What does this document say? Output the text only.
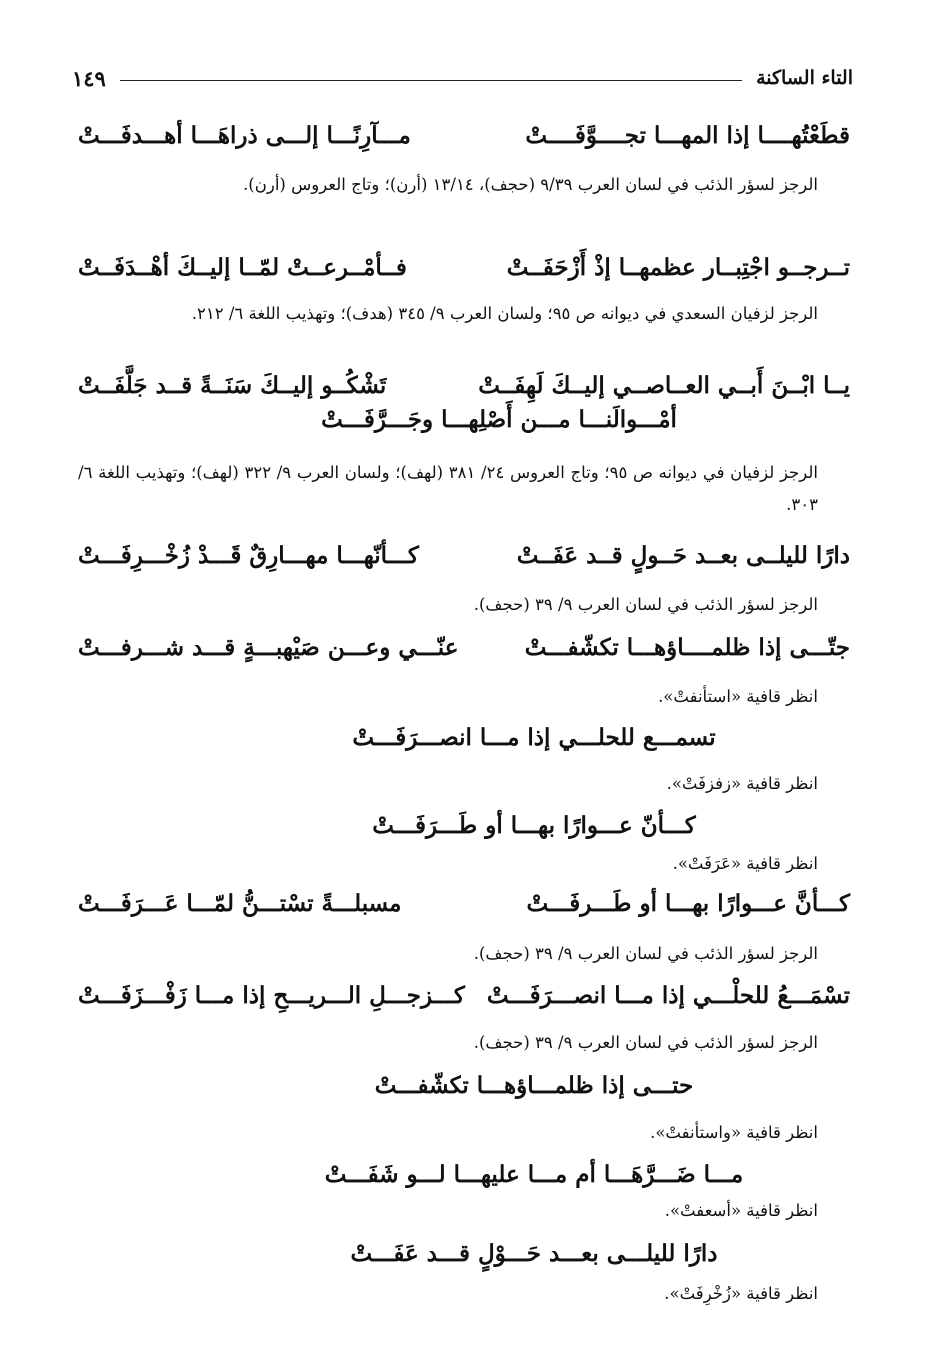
التاء الساكنة
١٤٩
قطَعْتُهــــا إذا المهـــا تجــــوَّفَــــتْ
مـــآرِنًـــا إلـــى ذراهَـــا أهـــدفَـــتْ
الرجز لسؤر الذئب في لسان العرب ٩/٣٩ (حجف)، ١٣/١٤ (أرن)؛ وتاج العروس (أرن).
تــرجــو اجْتِبــار عظمهــا إذْ أَزْحَفَــتْ
فــأمْــرعــتْ لمّــا إليــكَ أهْــدَفَــتْ
الرجز لزفيان السعدي في ديوانه ص ٩٥؛ ولسان العرب ٩/ ٣٤٥ (هدف)؛ وتهذيب اللغة ٦/ ٢١٢.
يــا ابْــنَ أَبــي العــاصــي إليــكَ لَهِفَــتْ
تَشْكُــو إليــكَ سَنَــةً قــد جَلَّفَــتْ
أمْـــوالَنـــا مـــن أَصْلِهـــا وجَـــرَّفَـــتْ
الرجز لزفيان في ديوانه ص ٩٥؛ وتاج العروس ٢٤/ ٣٨١ (لهف)؛ ولسان العرب ٩/ ٣٢٢ (لهف)؛ وتهذيب اللغة ٦/ ٣٠٣.
دارًا لليلــى بعــد حَــولٍ قــد عَفَــتْ
كـــأنّهـــا مهـــارِقٌ قَـــدْ زُخْـــرِفَـــتْ
الرجز لسؤر الذئب في لسان العرب ٩/ ٣٩ (حجف).
جتّـــى إذا ظلمــــاؤهـــا تكشّفـــتْ
عنّـــي وعـــن صَيْهبـــةٍ قـــد شـــرفـــتْ
انظر قافية «استأنفتْ».
تسمـــع للحلـــي إذا مـــا انصـــرَفَـــتْ
انظر قافية «زفزفَتْ».
كـــأنّ عـــوارًا بهـــا أو طَـــرَفَـــتْ
انظر قافية «عَرَفَتْ».
كـــأنَّ عـــوارًا بهـــا أو طَـــرفَـــتْ
مسبلـــةً تسْتـــنُّ لمّـــا عَـــرَفَـــتْ
الرجز لسؤر الذئب في لسان العرب ٩/ ٣٩ (حجف).
تسْمَـــعُ للحلْـــي إذا مـــا انصـــرَفَـــتْ
كـــزجـــلِ الـــريـــحِ إذا مـــا زَفْـــزَفَـــتْ
الرجز لسؤر الذئب في لسان العرب ٩/ ٣٩ (حجف).
حتـــى إذا ظلمـــاؤهـــا تكشّفـــتْ
انظر قافية «واستأنفتْ».
مـــا ضَـــرَّهَـــا أم مـــا عليهـــا لـــو شَفَـــتْ
انظر قافية «أسعفتْ».
دارًا لليلـــى بعـــد حَـــوْلٍ قـــد عَفَـــتْ
انظر قافية «زُخْرِفَتْ».
